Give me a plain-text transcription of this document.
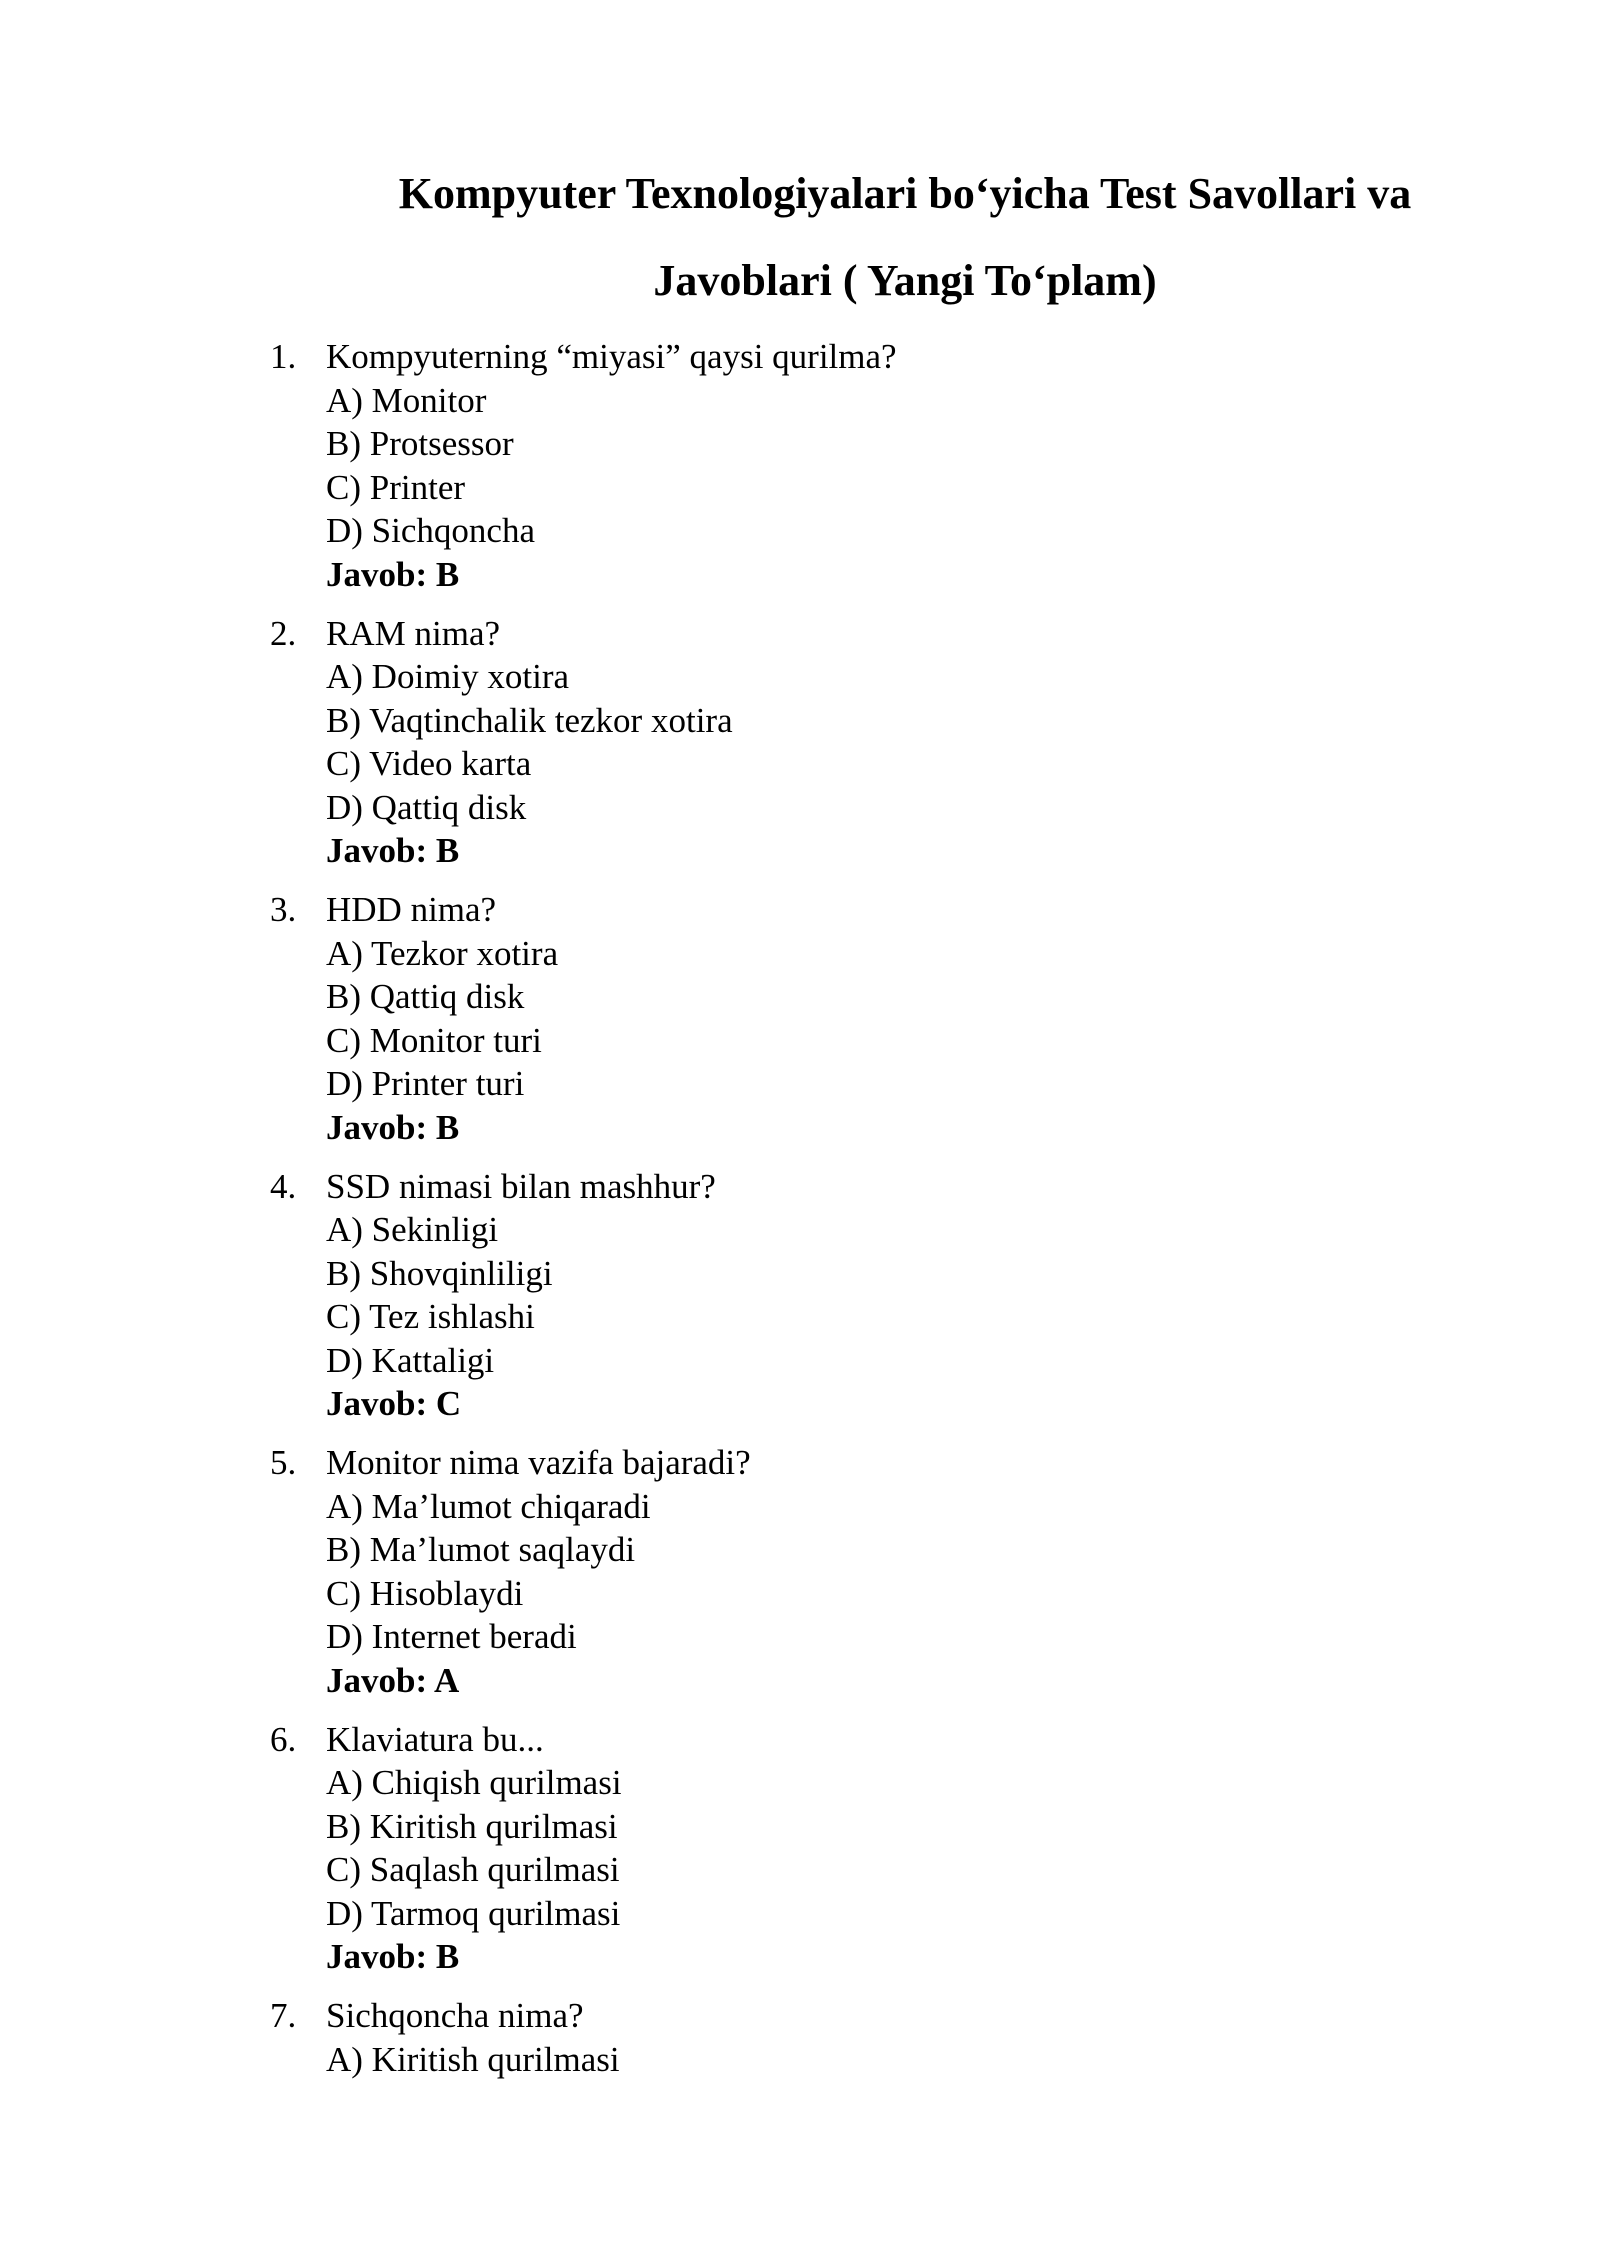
Kompyuter Texnologiyalari bo‘yicha Test Savollari va Javoblari ( Yangi To‘plam)
1. Kompyuterning “miyasi” qaysi qurilma?
A) Monitor
B) Protsessor
C) Printer
D) Sichqoncha
Javob: B
2. RAM nima?
A) Doimiy xotira
B) Vaqtinchalik tezkor xotira
C) Video karta
D) Qattiq disk
Javob: B
3. HDD nima?
A) Tezkor xotira
B) Qattiq disk
C) Monitor turi
D) Printer turi
Javob: B
4. SSD nimasi bilan mashhur?
A) Sekinligi
B) Shovqinliligi
C) Tez ishlashi
D) Kattaligi
Javob: C
5. Monitor nima vazifa bajaradi?
A) Ma’lumot chiqaradi
B) Ma’lumot saqlaydi
C) Hisoblaydi
D) Internet beradi
Javob: A
6. Klaviatura bu...
A) Chiqish qurilmasi
B) Kiritish qurilmasi
C) Saqlash qurilmasi
D) Tarmoq qurilmasi
Javob: B
7. Sichqoncha nima?
A) Kiritish qurilmasi
